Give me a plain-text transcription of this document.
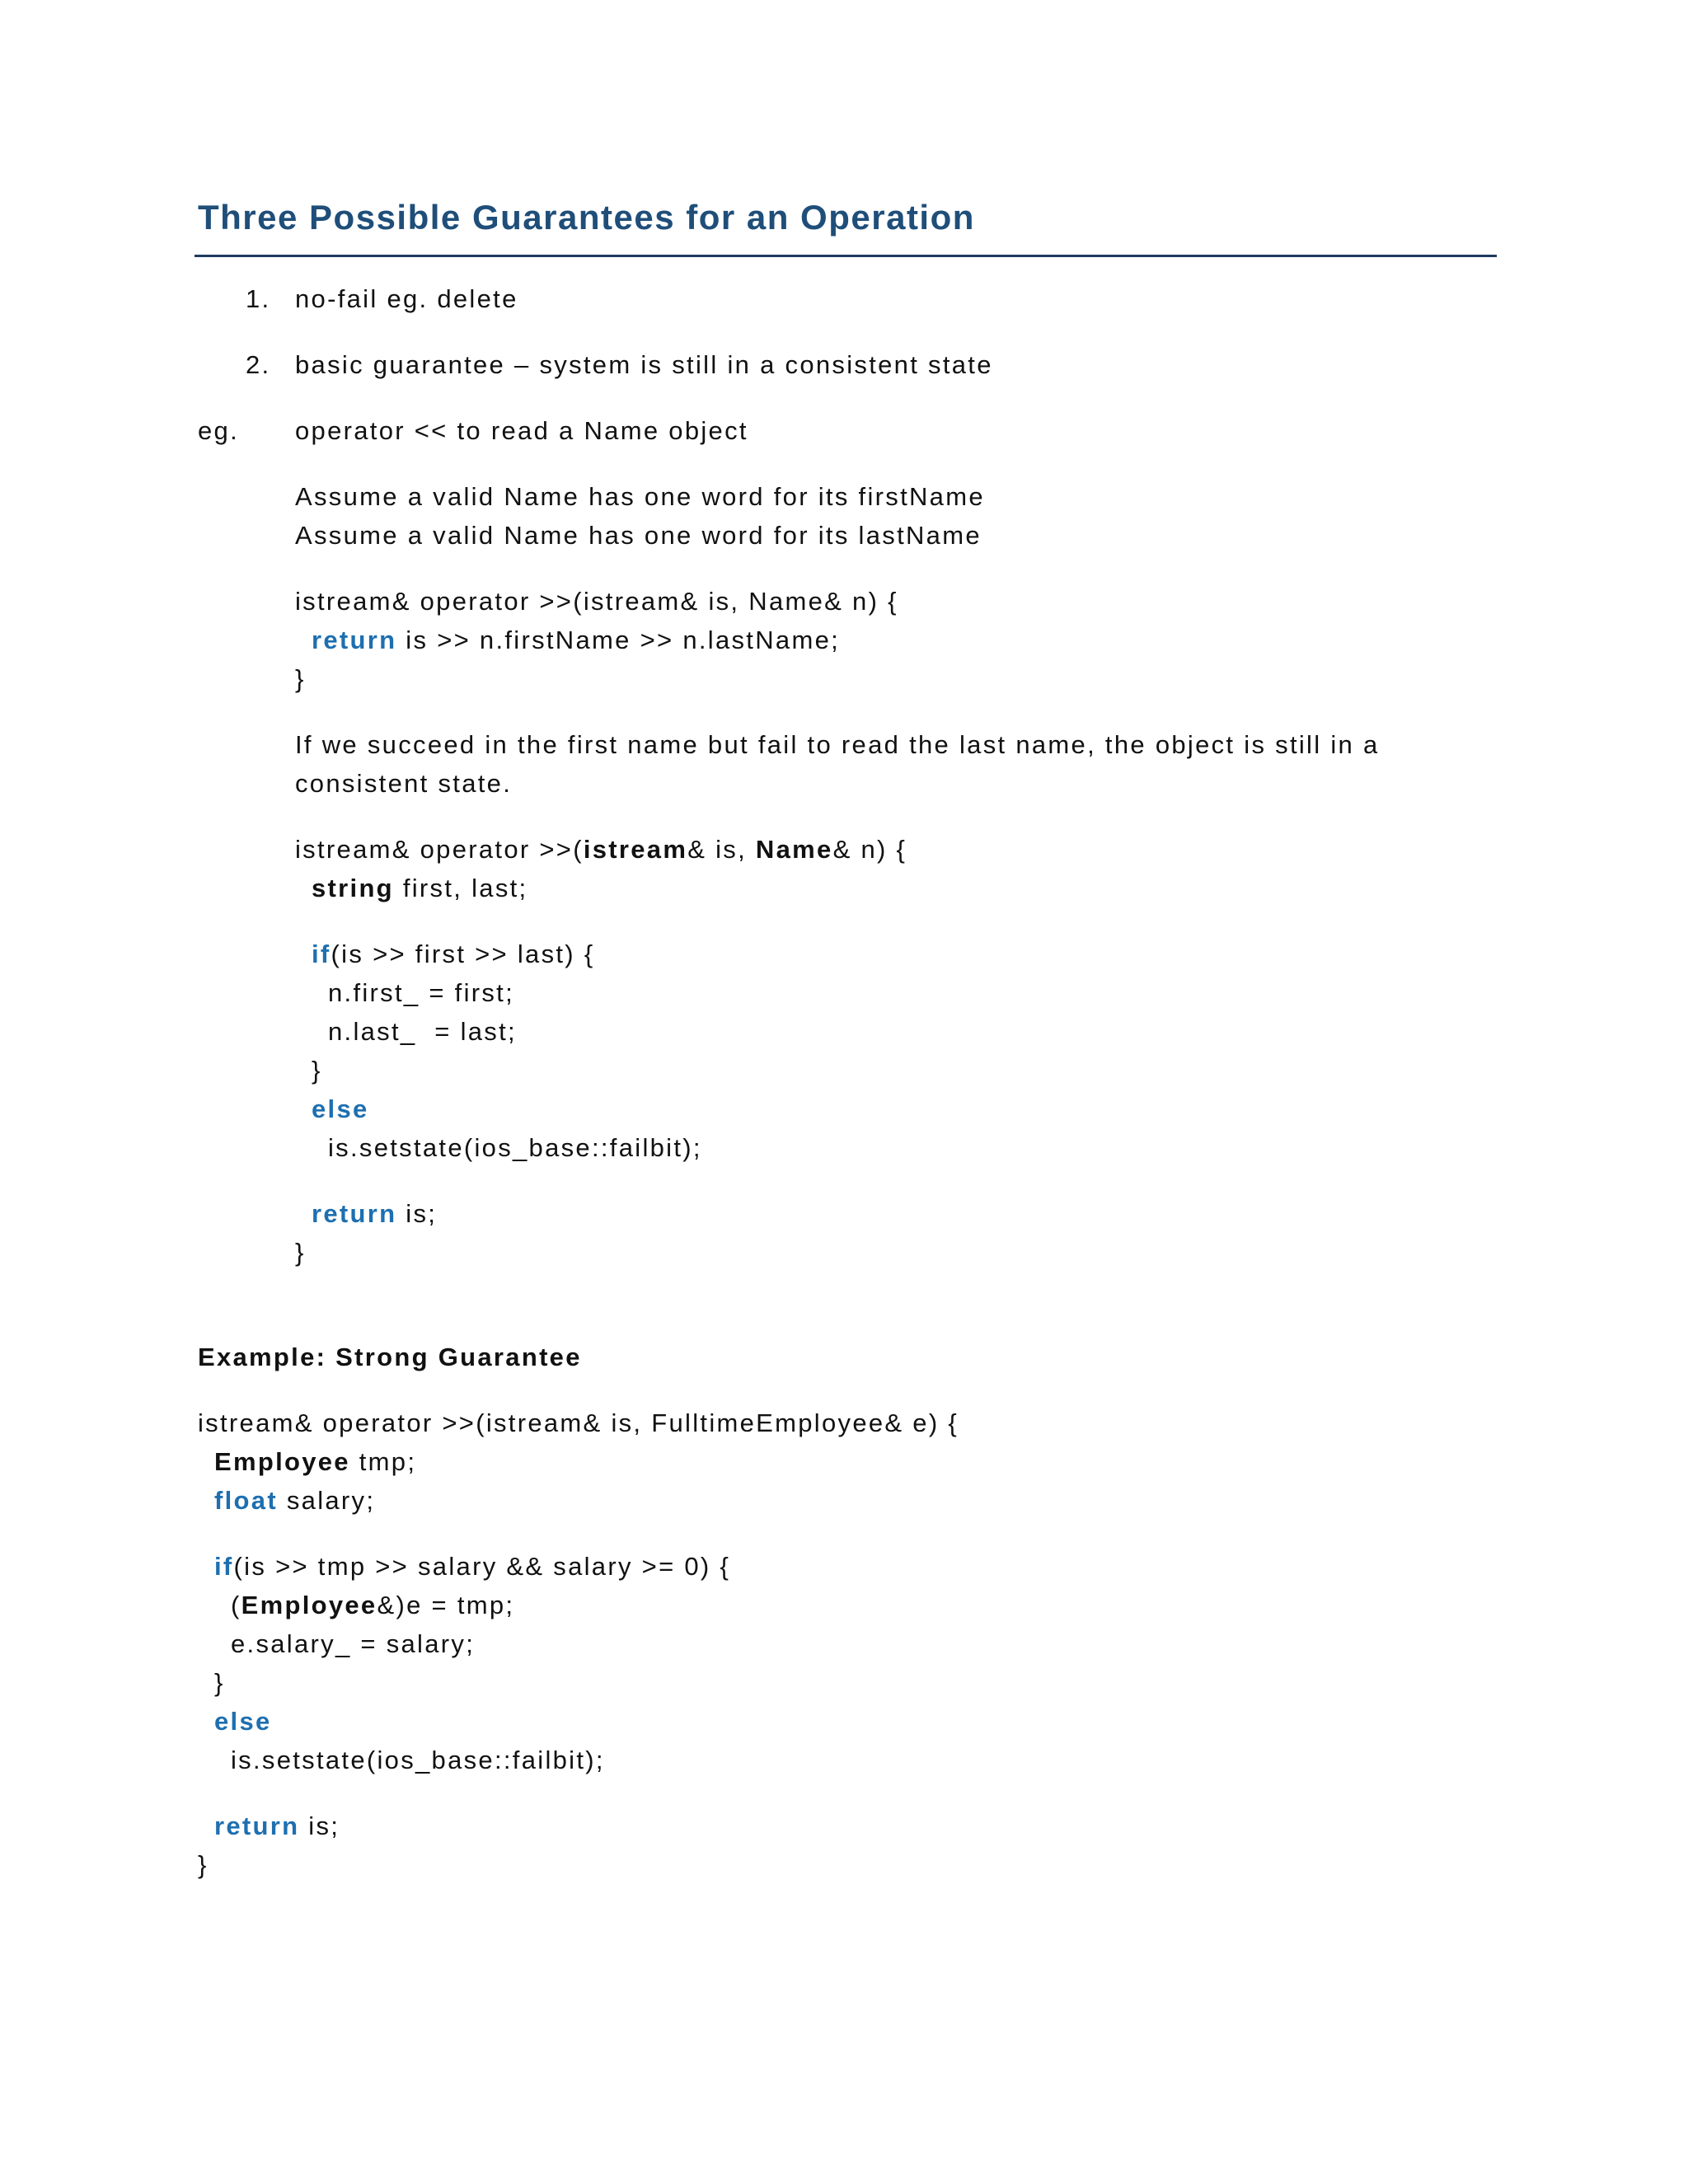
Three Possible Guarantees for an Operation
1. no-fail eg. delete
2. basic guarantee – system is still in a consistent state
eg. operator << to read a Name object
Assume a valid Name has one word for its firstName
Assume a valid Name has one word for its lastName
istream& operator >>(istream& is, Name& n) {
return is >> n.firstName >> n.lastName;
}
If we succeed in the first name but fail to read the last name, the object is still in a
consistent state.
istream& operator >>(istream& is, Name& n) {
string first, last;
if(is >> first >> last) {
n.first_ = first;
n.last_  = last;
}
else
is.setstate(ios_base::failbit);
return is;
}
Example: Strong Guarantee
istream& operator >>(istream& is, FulltimeEmployee& e) {
Employee tmp;
float salary;
if(is >> tmp >> salary && salary >= 0) {
(Employee&)e = tmp;
e.salary_ = salary;
}
else
is.setstate(ios_base::failbit);
return is;
}
